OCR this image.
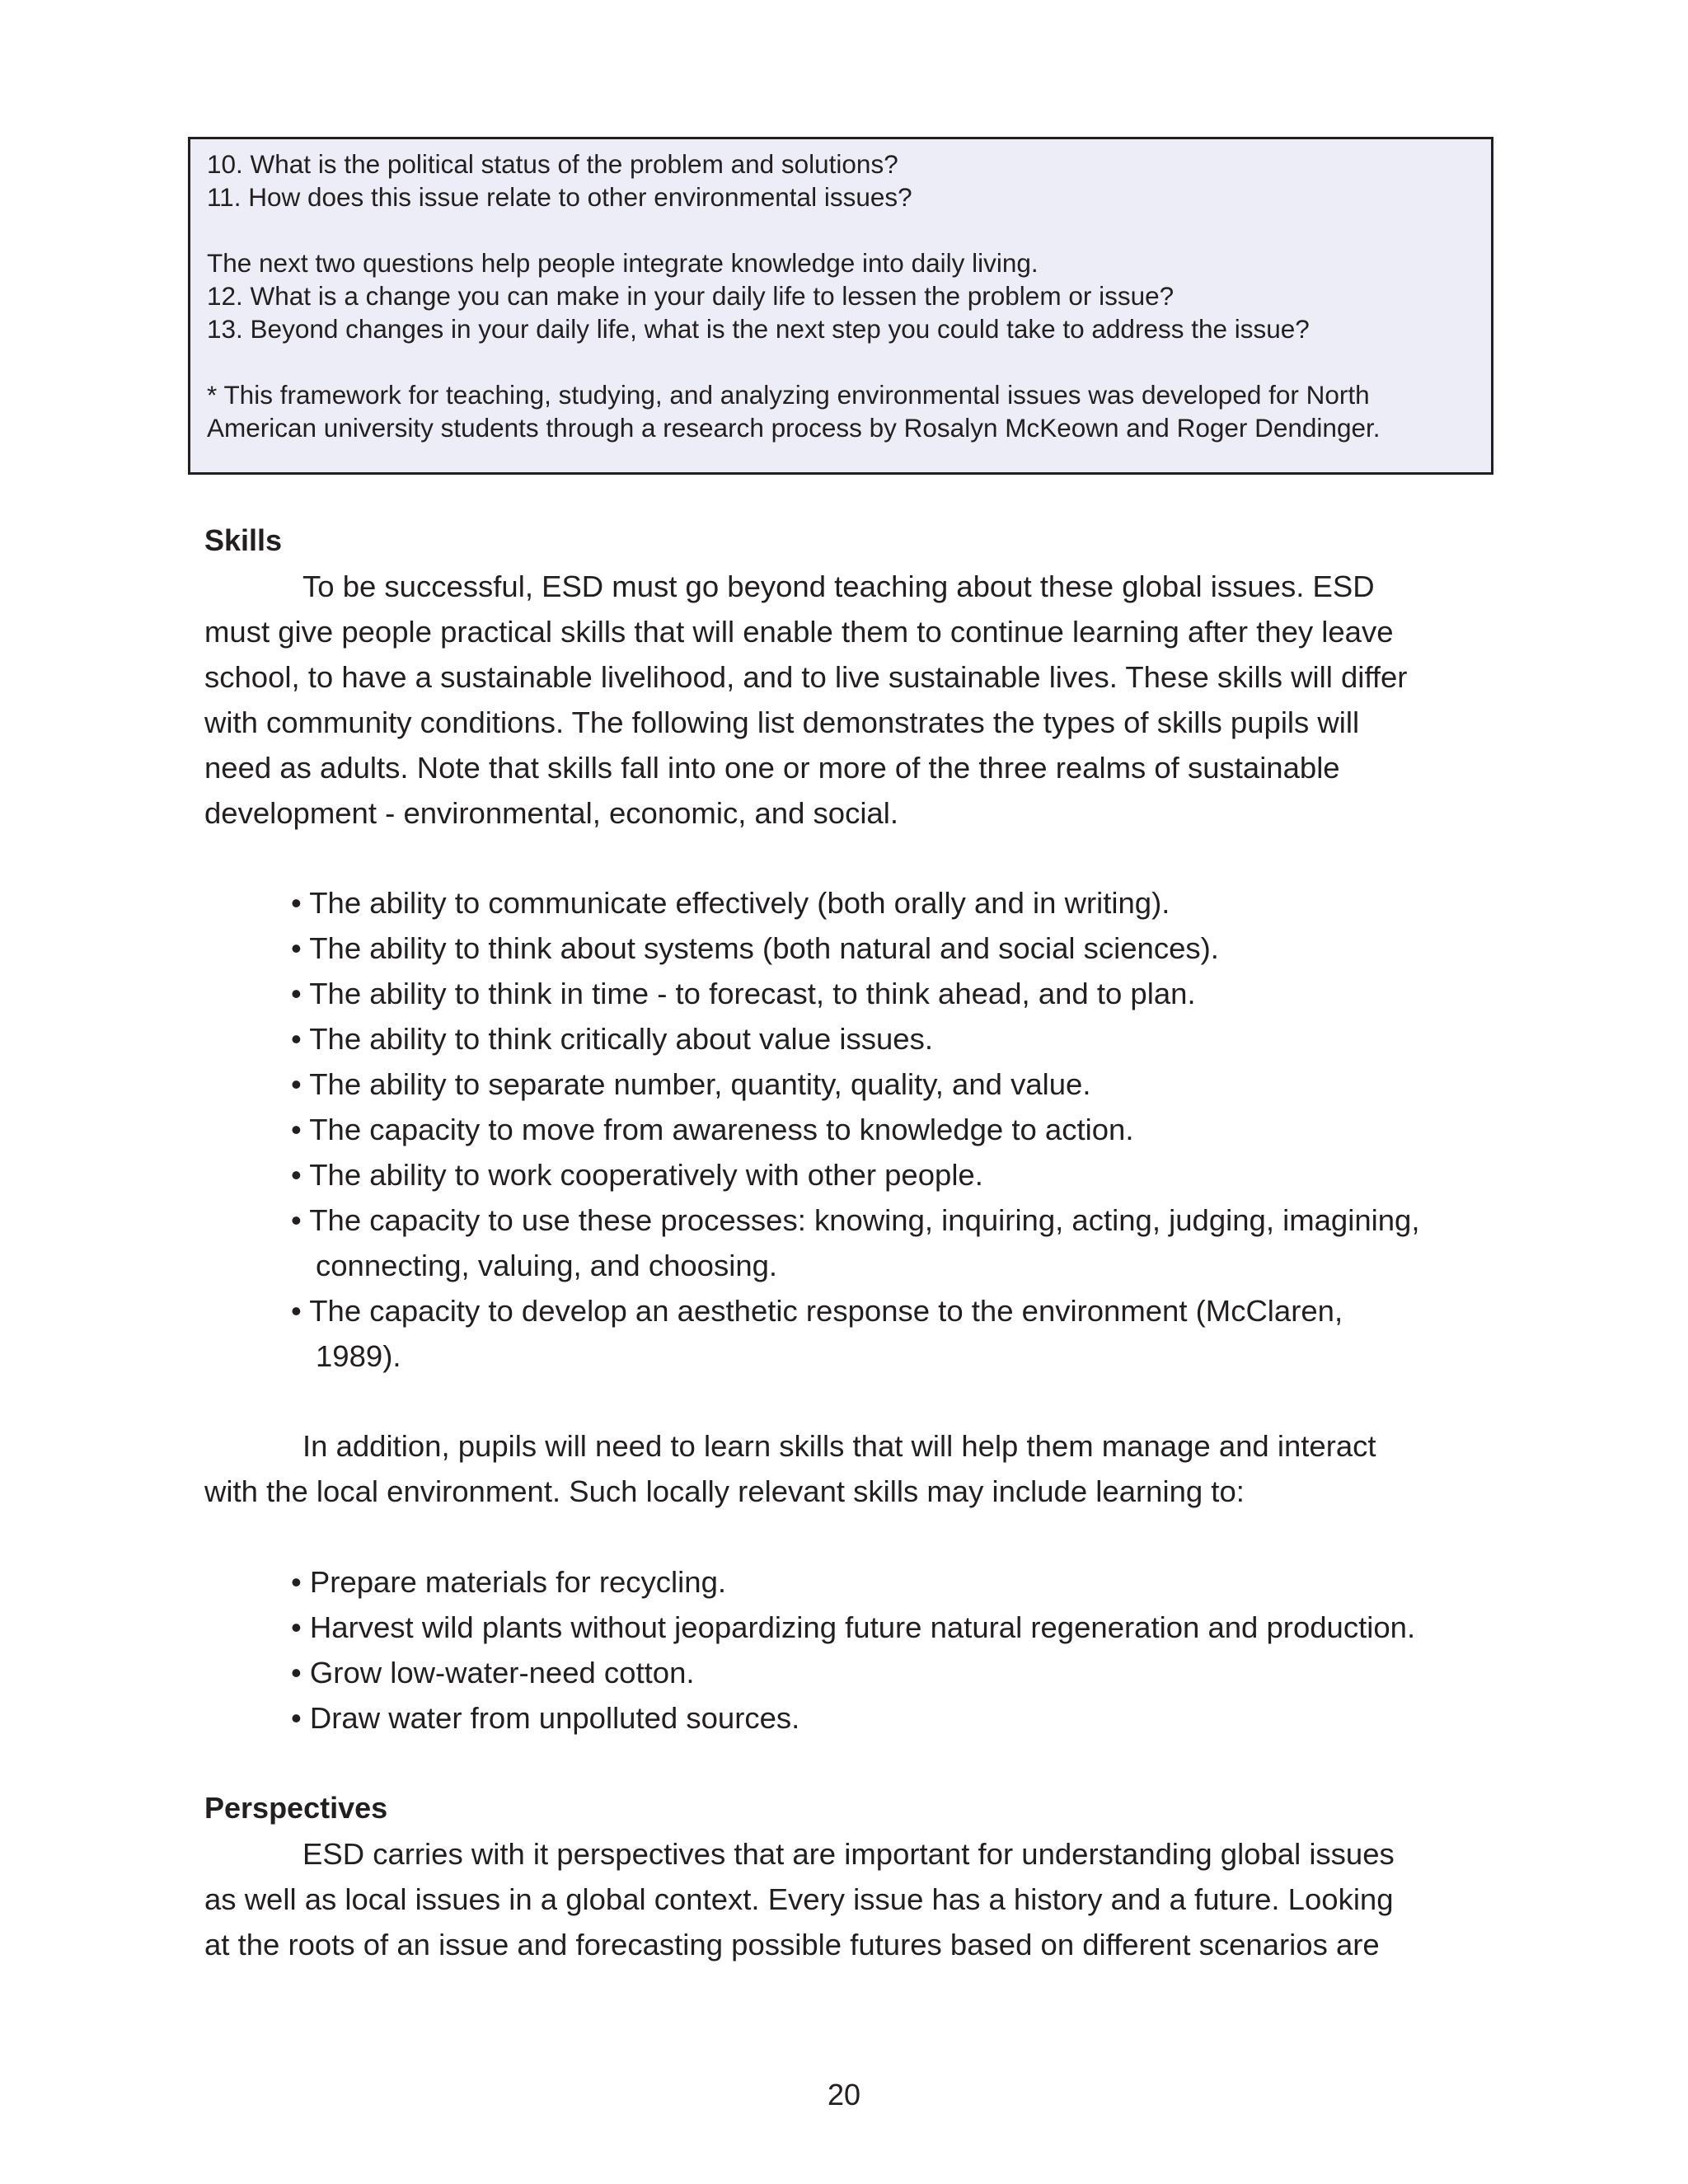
10. What is the political status of the problem and solutions?
11. How does this issue relate to other environmental issues?
The next two questions help people integrate knowledge into daily living.
12. What is a change you can make in your daily life to lessen the problem or issue?
13. Beyond changes in your daily life, what is the next step you could take to address the issue?
* This framework for teaching, studying, and analyzing environmental issues was developed for North
American university students through a research process by Rosalyn McKeown and Roger Dendinger.
Skills
To be successful, ESD must go beyond teaching about these global issues. ESD
must give people practical skills that will enable them to continue learning after they leave
school, to have a sustainable livelihood, and to live sustainable lives. These skills will differ
with community conditions. The following list demonstrates the types of skills pupils will
need as adults. Note that skills fall into one or more of the three realms of sustainable
development - environmental, economic, and social.
• The ability to communicate effectively (both orally and in writing).
• The ability to think about systems (both natural and social sciences).
• The ability to think in time - to forecast, to think ahead, and to plan.
• The ability to think critically about value issues.
• The ability to separate number, quantity, quality, and value.
• The capacity to move from awareness to knowledge to action.
• The ability to work cooperatively with other people.
• The capacity to use these processes: knowing, inquiring, acting, judging, imagining,
connecting, valuing, and choosing.
• The capacity to develop an aesthetic response to the environment (McClaren,
1989).
In addition, pupils will need to learn skills that will help them manage and interact
with the local environment. Such locally relevant skills may include learning to:
• Prepare materials for recycling.
• Harvest wild plants without jeopardizing future natural regeneration and production.
• Grow low-water-need cotton.
• Draw water from unpolluted sources.
Perspectives
ESD carries with it perspectives that are important for understanding global issues
as well as local issues in a global context. Every issue has a history and a future. Looking
at the roots of an issue and forecasting possible futures based on different scenarios are
20
